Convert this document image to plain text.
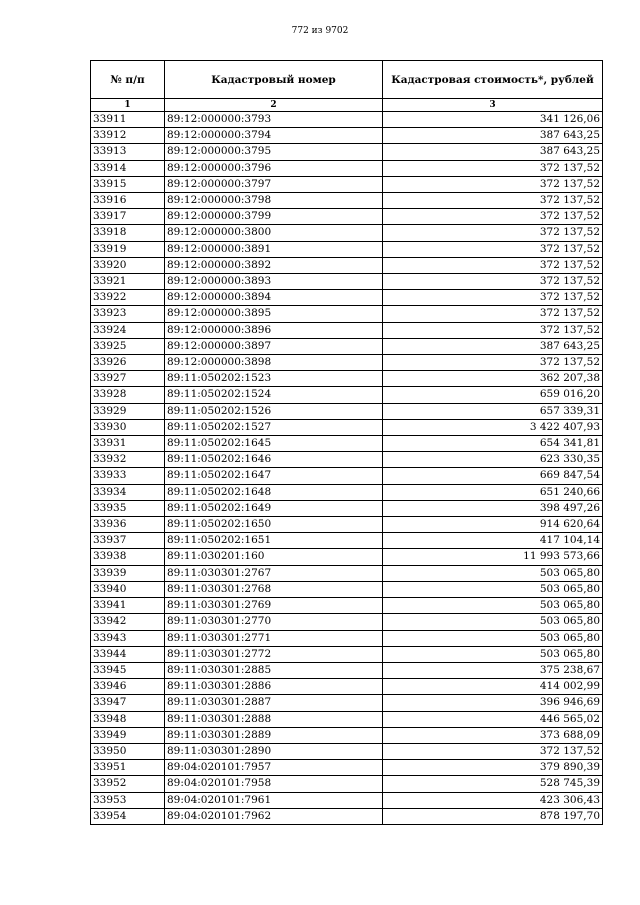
772 из 9702
№ п/п	Кадастровый номер	Кадастровая стоимость*, рублей
1	2	3
33911	89:12:000000:3793	341 126,06
33912	89:12:000000:3794	387 643,25
33913	89:12:000000:3795	387 643,25
33914	89:12:000000:3796	372 137,52
33915	89:12:000000:3797	372 137,52
33916	89:12:000000:3798	372 137,52
33917	89:12:000000:3799	372 137,52
33918	89:12:000000:3800	372 137,52
33919	89:12:000000:3891	372 137,52
33920	89:12:000000:3892	372 137,52
33921	89:12:000000:3893	372 137,52
33922	89:12:000000:3894	372 137,52
33923	89:12:000000:3895	372 137,52
33924	89:12:000000:3896	372 137,52
33925	89:12:000000:3897	387 643,25
33926	89:12:000000:3898	372 137,52
33927	89:11:050202:1523	362 207,38
33928	89:11:050202:1524	659 016,20
33929	89:11:050202:1526	657 339,31
33930	89:11:050202:1527	3 422 407,93
33931	89:11:050202:1645	654 341,81
33932	89:11:050202:1646	623 330,35
33933	89:11:050202:1647	669 847,54
33934	89:11:050202:1648	651 240,66
33935	89:11:050202:1649	398 497,26
33936	89:11:050202:1650	914 620,64
33937	89:11:050202:1651	417 104,14
33938	89:11:030201:160	11 993 573,66
33939	89:11:030301:2767	503 065,80
33940	89:11:030301:2768	503 065,80
33941	89:11:030301:2769	503 065,80
33942	89:11:030301:2770	503 065,80
33943	89:11:030301:2771	503 065,80
33944	89:11:030301:2772	503 065,80
33945	89:11:030301:2885	375 238,67
33946	89:11:030301:2886	414 002,99
33947	89:11:030301:2887	396 946,69
33948	89:11:030301:2888	446 565,02
33949	89:11:030301:2889	373 688,09
33950	89:11:030301:2890	372 137,52
33951	89:04:020101:7957	379 890,39
33952	89:04:020101:7958	528 745,39
33953	89:04:020101:7961	423 306,43
33954	89:04:020101:7962	878 197,70
